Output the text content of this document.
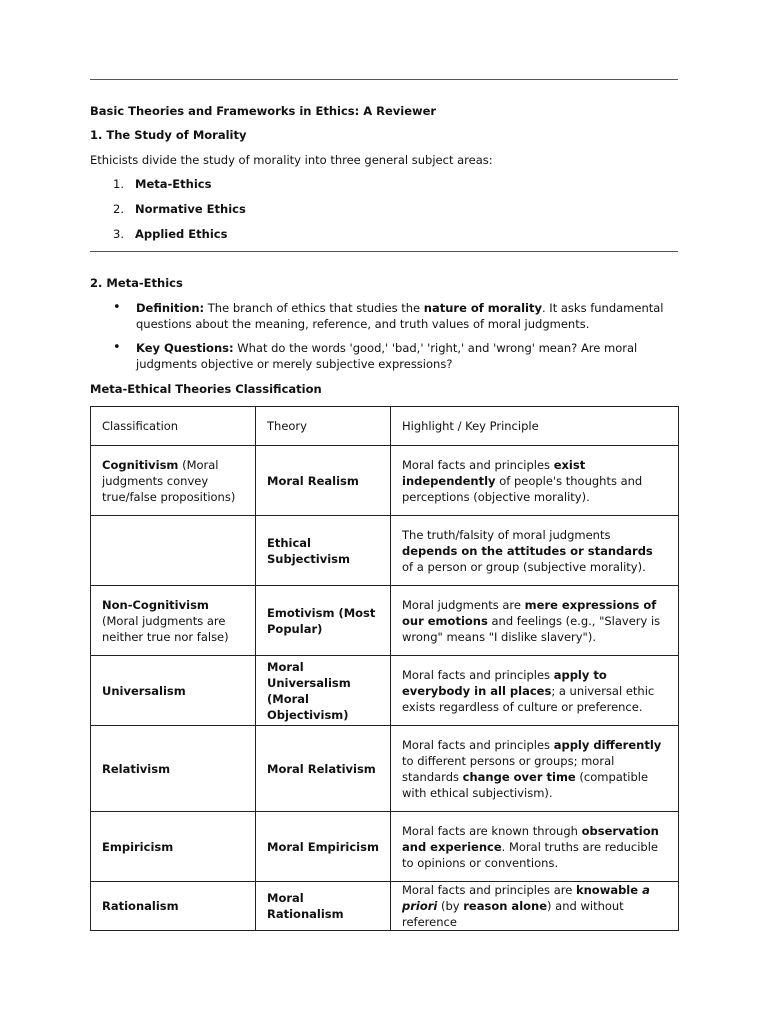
Basic Theories and Frameworks in Ethics: A Reviewer
1. The Study of Morality
Ethicists divide the study of morality into three general subject areas:
1. Meta-Ethics
2. Normative Ethics
3. Applied Ethics
2. Meta-Ethics
• Definition: The branch of ethics that studies the nature of morality. It asks fundamental questions about the meaning, reference, and truth values of moral judgments.
• Key Questions: What do the words 'good,' 'bad,' 'right,' and 'wrong' mean? Are moral judgments objective or merely subjective expressions?
Meta-Ethical Theories Classification
Classification	Theory	Highlight / Key Principle
Cognitivism (Moral judgments convey true/false propositions)	Moral Realism	Moral facts and principles exist independently of people's thoughts and perceptions (objective morality).
	Ethical Subjectivism	The truth/falsity of moral judgments depends on the attitudes or standards of a person or group (subjective morality).
Non-Cognitivism (Moral judgments are neither true nor false)	Emotivism (Most Popular)	Moral judgments are mere expressions of our emotions and feelings (e.g., "Slavery is wrong" means "I dislike slavery").
Universalism	Moral Universalism (Moral Objectivism)	Moral facts and principles apply to everybody in all places; a universal ethic exists regardless of culture or preference.
Relativism	Moral Relativism	Moral facts and principles apply differently to different persons or groups; moral standards change over time (compatible with ethical subjectivism).
Empiricism	Moral Empiricism	Moral facts are known through observation and experience. Moral truths are reducible to opinions or conventions.
Rationalism	Moral Rationalism	Moral facts and principles are knowable a priori (by reason alone) and without reference
